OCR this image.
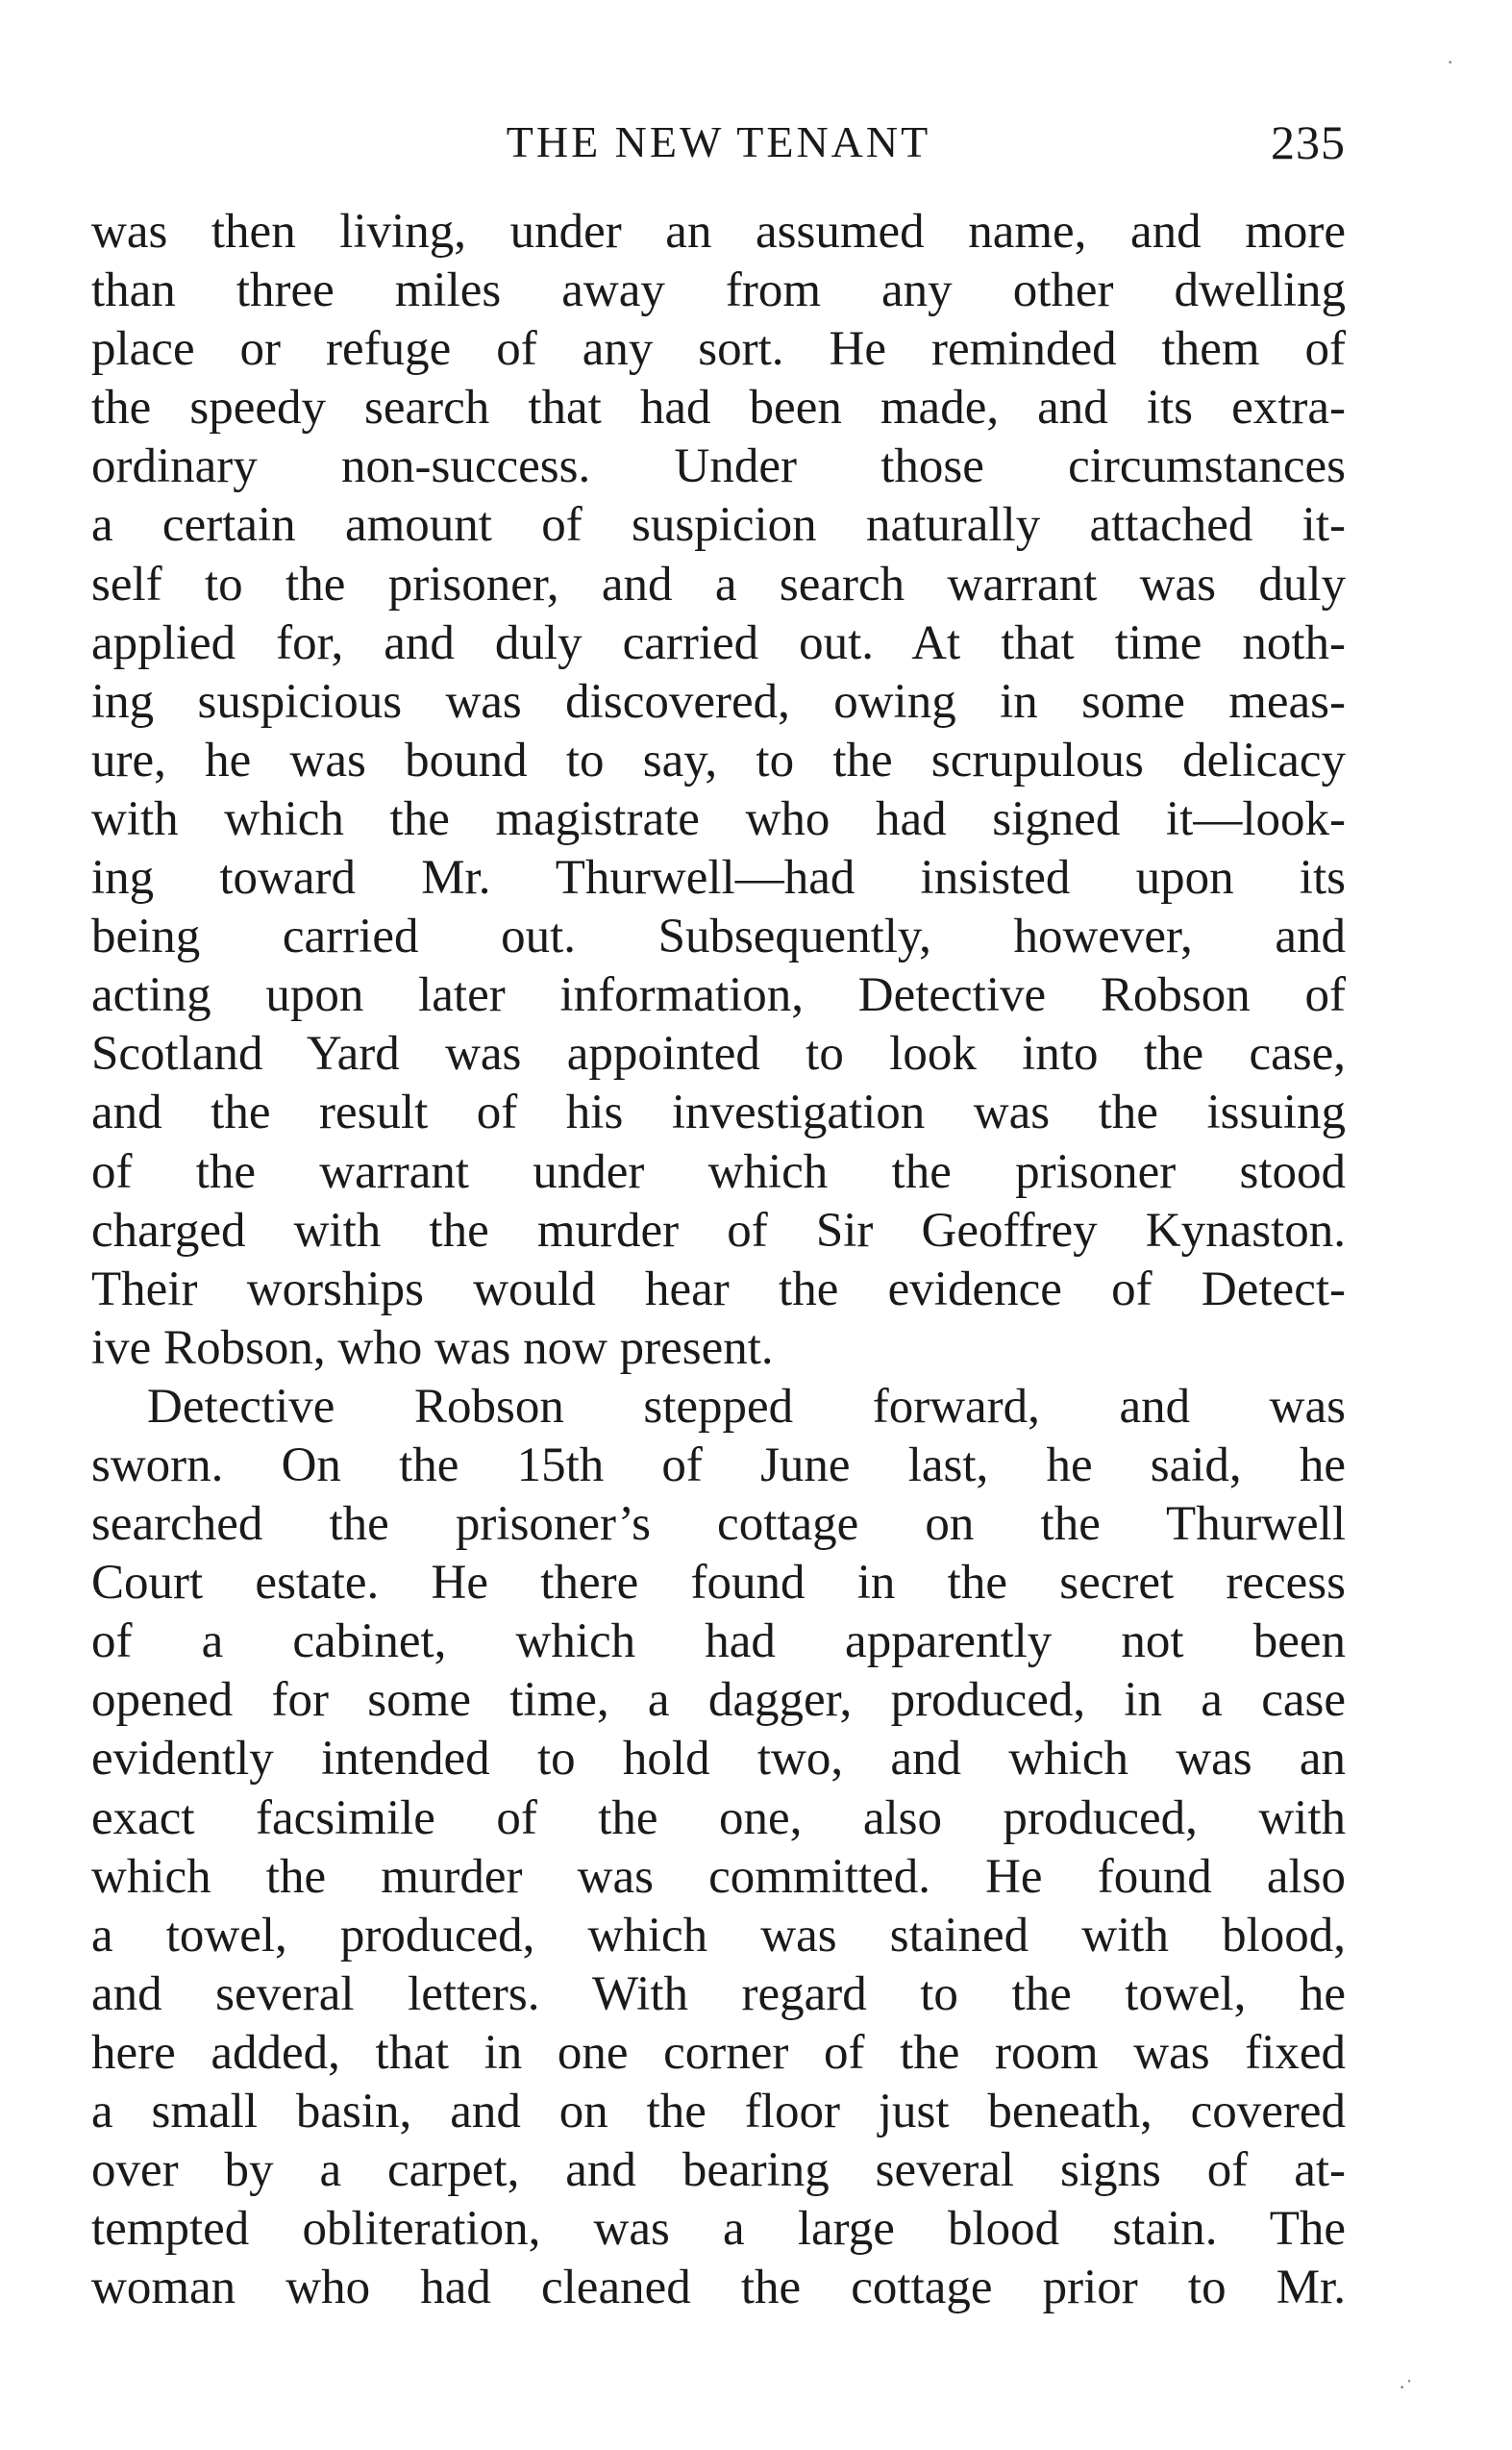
THE NEW TENANT	235
was then living, under an assumed name, and more
than three miles away from any other dwelling
place or refuge of any sort. He reminded them of
the speedy search that had been made, and its extra-
ordinary non-success. Under those circumstances
a certain amount of suspicion naturally attached it-
self to the prisoner, and a search warrant was duly
applied for, and duly carried out. At that time noth-
ing suspicious was discovered, owing in some meas-
ure, he was bound to say, to the scrupulous delicacy
with which the magistrate who had signed it—look-
ing toward Mr. Thurwell—had insisted upon its
being carried out. Subsequently, however, and
acting upon later information, Detective Robson of
Scotland Yard was appointed to look into the case,
and the result of his investigation was the issuing
of the warrant under which the prisoner stood
charged with the murder of Sir Geoffrey Kynaston.
Their worships would hear the evidence of Detect-
ive Robson, who was now present.
Detective Robson stepped forward, and was
sworn. On the 15th of June last, he said, he
searched the prisoner’s cottage on the Thurwell
Court estate. He there found in the secret recess
of a cabinet, which had apparently not been
opened for some time, a dagger, produced, in a case
evidently intended to hold two, and which was an
exact facsimile of the one, also produced, with
which the murder was committed. He found also
a towel, produced, which was stained with blood,
and several letters. With regard to the towel, he
here added, that in one corner of the room was fixed
a small basin, and on the floor just beneath, covered
over by a carpet, and bearing several signs of at-
tempted obliteration, was a large blood stain. The
woman who had cleaned the cottage prior to Mr.
·
·˙
